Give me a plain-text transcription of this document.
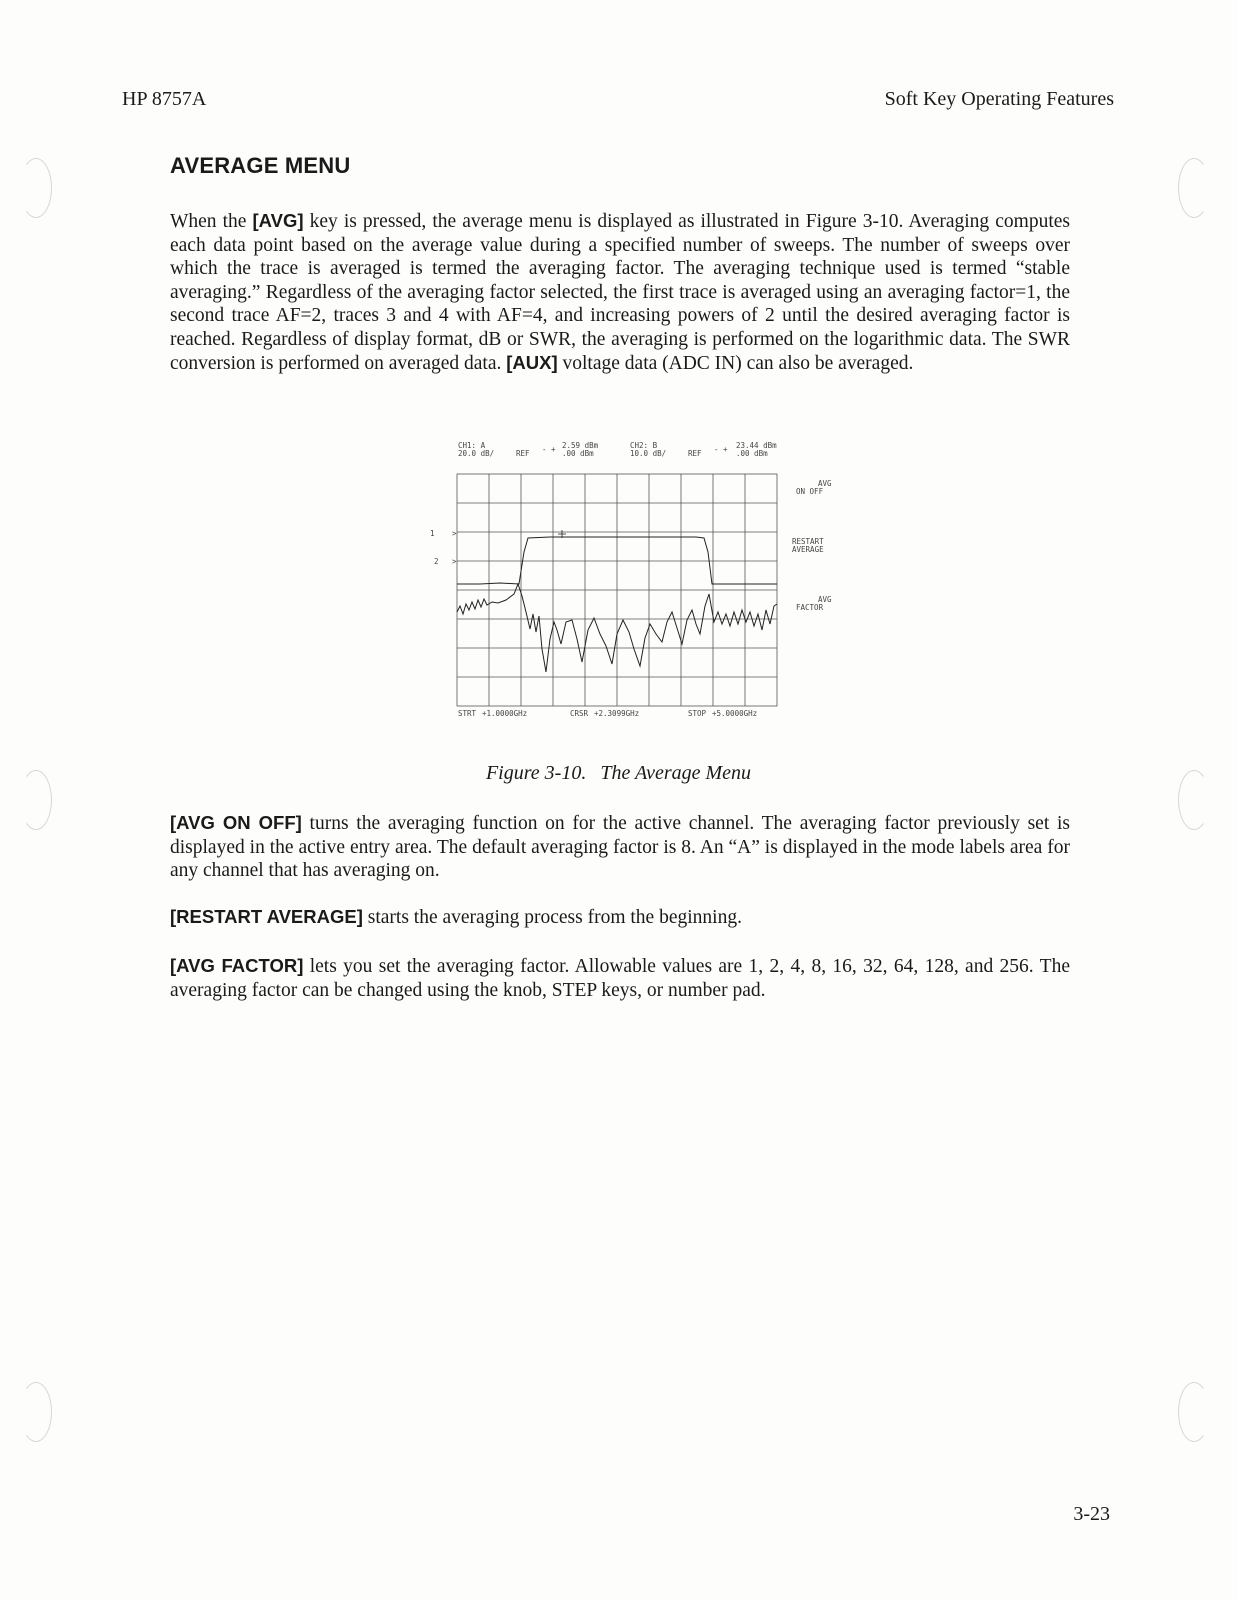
HP 8757A	Soft Key Operating Features
AVERAGE MENU

When the [AVG] key is pressed, the average menu is displayed as illustrated in Figure 3-10. Averaging computes each data point based on the average value during a specified number of sweeps. The number of sweeps over which the trace is averaged is termed the averaging factor. The averaging technique used is termed “stable averaging.” Regardless of the averaging factor selected, the first trace is averaged using an averaging factor=1, the second trace AF=2, traces 3 and 4 with AF=4, and increasing powers of 2 until the desired averaging factor is reached. Regardless of display format, dB or SWR, the averaging is performed on the logarithmic data. The SWR conversion is performed on averaged data. [AUX] voltage data (ADC IN) can also be averaged.

CH1: A
20.0 dB/	REF - + 2.59 dBm
.00 dBm
CH2: B
10.0 dB/	REF - + 23.44 dBm
.00 dBm
1 >
2 >
AVG
ON OFF
RESTART
AVERAGE
AVG
FACTOR
STRT +1.0000GHz	CRSR +2.3099GHz	STOP +5.0000GHz
Figure 3-10. The Average Menu

[AVG ON OFF] turns the averaging function on for the active channel. The averaging factor previously set is displayed in the active entry area. The default averaging factor is 8. An “A” is displayed in the mode labels area for any channel that has averaging on.

[RESTART AVERAGE] starts the averaging process from the beginning.

[AVG FACTOR] lets you set the averaging factor. Allowable values are 1, 2, 4, 8, 16, 32, 64, 128, and 256. The averaging factor can be changed using the knob, STEP keys, or number pad.

3-23
